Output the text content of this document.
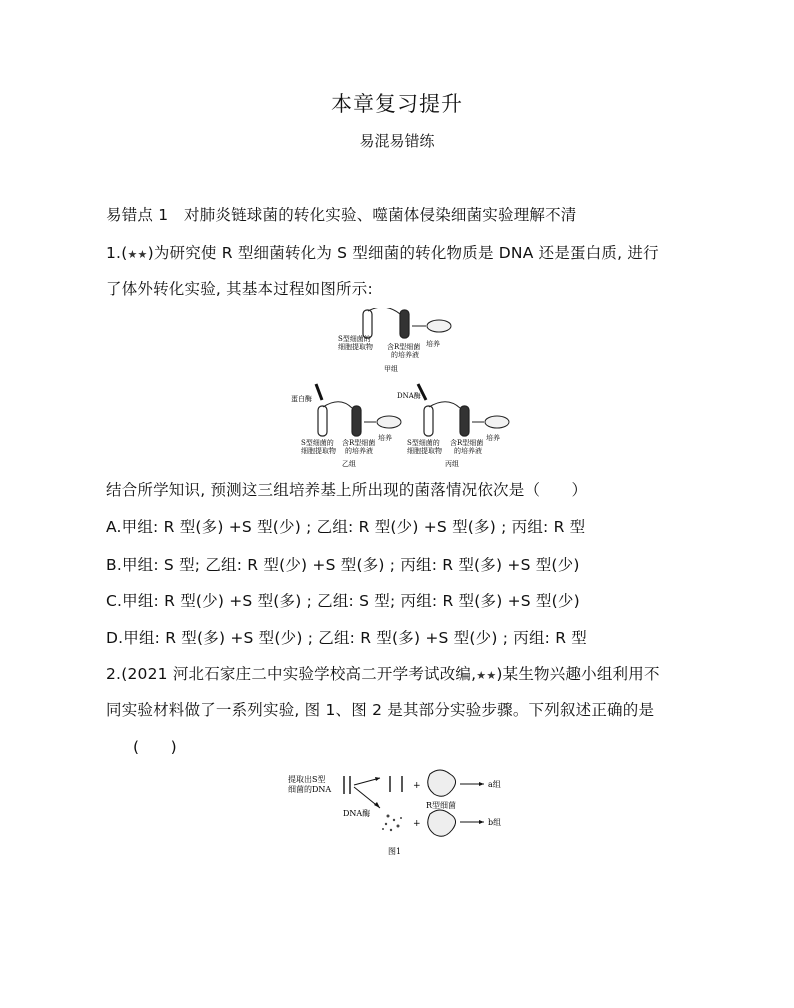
本章复习提升
易混易错练
易错点 1　对肺炎链球菌的转化实验、噬菌体侵染细菌实验理解不清
1.(★★)为研究使 R 型细菌转化为 S 型细菌的转化物质是 DNA 还是蛋白质, 进行
了体外转化实验, 其基本过程如图所示:
S型细菌的
细胞提取物 含R型细菌
的培养液
培养
甲组
蛋白酶
S型细菌的
细胞提取物
含R型细菌
的培养液
培养
乙组
DNA酶
S型细菌的
细胞提取物
含R型细菌
的培养液
培养
丙组
结合所学知识, 预测这三组培养基上所出现的菌落情况依次是（　　）
A.甲组: R 型(多) +S 型(少) ; 乙组: R 型(少) +S 型(多) ; 丙组: R 型
B.甲组: S 型; 乙组: R 型(少) +S 型(多) ; 丙组: R 型(多) +S 型(少)
C.甲组: R 型(少) +S 型(多) ; 乙组: S 型; 丙组: R 型(多) +S 型(少)
D.甲组: R 型(多) +S 型(少) ; 乙组: R 型(多) +S 型(少) ; 丙组: R 型
2.(2021 河北石家庄二中实验学校高二开学考试改编,★★)某生物兴趣小组利用不
同实验材料做了一系列实验, 图 1、图 2 是其部分实验步骤。下列叙述正确的是
(　　)
提取出S型
细菌的DNA
DNA酶
+	a组
R型细菌
+	b组
图1
